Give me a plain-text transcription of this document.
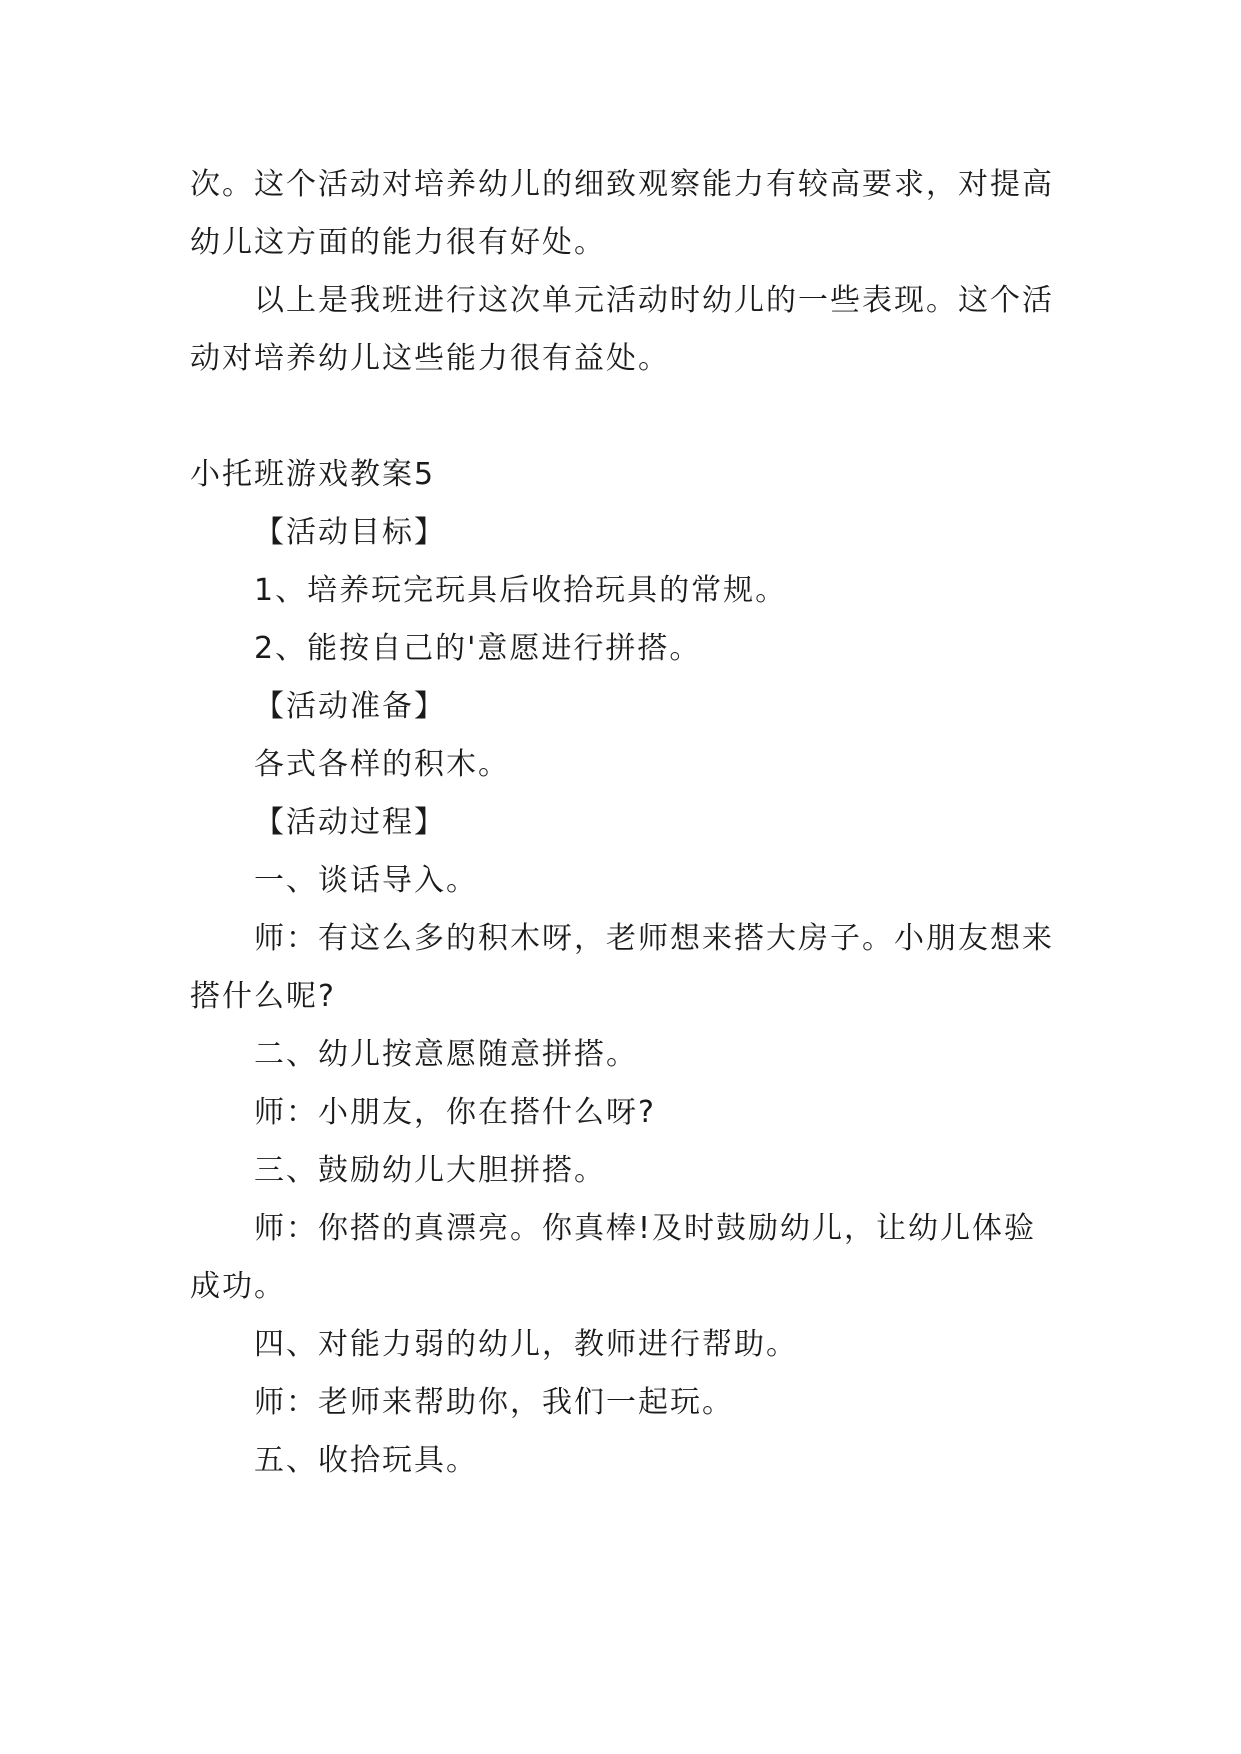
次。这个活动对培养幼儿的细致观察能力有较高要求，对提高幼儿这方面的能力很有好处。

以上是我班进行这次单元活动时幼儿的一些表现。这个活动对培养幼儿这些能力很有益处。

小托班游戏教案5

【活动目标】

1、培养玩完玩具后收拾玩具的常规。

2、能按自己的'意愿进行拼搭。

【活动准备】

各式各样的积木。

【活动过程】

一、谈话导入。

师：有这么多的积木呀，老师想来搭大房子。小朋友想来搭什么呢?

二、幼儿按意愿随意拼搭。

师：小朋友，你在搭什么呀?

三、鼓励幼儿大胆拼搭。

师：你搭的真漂亮。你真棒!及时鼓励幼儿，让幼儿体验成功。

四、对能力弱的幼儿，教师进行帮助。

师：老师来帮助你，我们一起玩。

五、收拾玩具。
